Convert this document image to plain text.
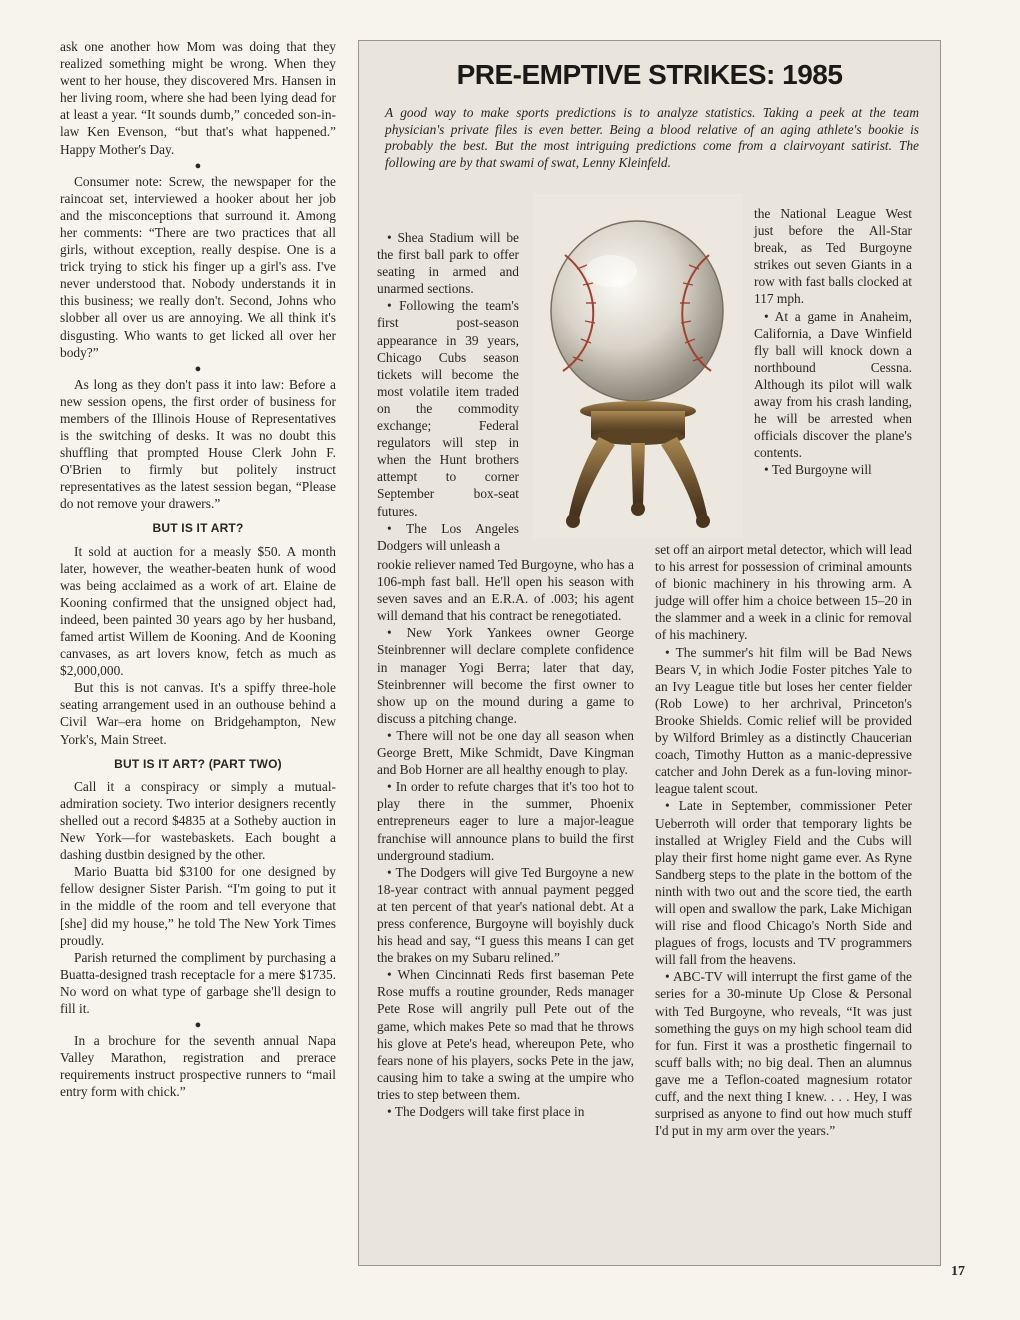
ask one another how Mom was doing that they realized something might be wrong. When they went to her house, they discovered Mrs. Hansen in her living room, where she had been lying dead for at least a year. “It sounds dumb,” conceded son-in-law Ken Evenson, “but that's what happened.” Happy Mother's Day.

●

Consumer note: Screw, the newspaper for the raincoat set, interviewed a hooker about her job and the misconceptions that surround it. Among her comments: “There are two practices that all girls, without exception, really despise. One is a trick trying to stick his finger up a girl's ass. I've never understood that. Nobody understands it in this business; we really don't. Second, Johns who slobber all over us are annoying. We all think it's disgusting. Who wants to get licked all over her body?”

●

As long as they don't pass it into law: Before a new session opens, the first order of business for members of the Illinois House of Representatives is the switching of desks. It was no doubt this shuffling that prompted House Clerk John F. O'Brien to firmly but politely instruct representatives as the latest session began, “Please do not remove your drawers.”

BUT IS IT ART?

It sold at auction for a measly $50. A month later, however, the weather-beaten hunk of wood was being acclaimed as a work of art. Elaine de Kooning confirmed that the unsigned object had, indeed, been painted 30 years ago by her husband, famed artist Willem de Kooning. And de Kooning canvases, as art lovers know, fetch as much as $2,000,000.

But this is not canvas. It's a spiffy three-hole seating arrangement used in an outhouse behind a Civil War–era home on Bridgehampton, New York's, Main Street.

BUT IS IT ART? (PART TWO)

Call it a conspiracy or simply a mutual-admiration society. Two interior designers recently shelled out a record $4835 at a Sotheby auction in New York—for wastebaskets. Each bought a dashing dustbin designed by the other.

Mario Buatta bid $3100 for one designed by fellow designer Sister Parish. “I'm going to put it in the middle of the room and tell everyone that [she] did my house,” he told The New York Times proudly.

Parish returned the compliment by purchasing a Buatta-designed trash receptacle for a mere $1735. No word on what type of garbage she'll design to fill it.

●

In a brochure for the seventh annual Napa Valley Marathon, registration and prerace requirements instruct prospective runners to “mail entry form with chick.”

PRE-EMPTIVE STRIKES: 1985
A good way to make sports predictions is to analyze statistics. Taking a peek at the team physician's private files is even better. Being a blood relative of an aging athlete's bookie is probably the best. But the most intriguing predictions come from a clairvoyant satirist. The following are by that swami of swat, Lenny Kleinfeld.

• Shea Stadium will be the first ball park to offer seating in armed and unarmed sections.

• Following the team's first post-season appearance in 39 years, Chicago Cubs season tickets will become the most volatile item traded on the commodity exchange; Federal regulators will step in when the Hunt brothers attempt to corner September box-seat futures.

• The Los Angeles Dodgers will unleash a

the National League West just before the All-Star break, as Ted Burgoyne strikes out seven Giants in a row with fast balls clocked at 117 mph.

• At a game in Anaheim, California, a Dave Winfield fly ball will knock down a northbound Cessna. Although its pilot will walk away from his crash landing, he will be arrested when officials discover the plane's contents.

• Ted Burgoyne will

rookie reliever named Ted Burgoyne, who has a 106-mph fast ball. He'll open his season with seven saves and an E.R.A. of .003; his agent will demand that his contract be renegotiated.

• New York Yankees owner George Steinbrenner will declare complete confidence in manager Yogi Berra; later that day, Steinbrenner will become the first owner to show up on the mound during a game to discuss a pitching change.

• There will not be one day all season when George Brett, Mike Schmidt, Dave Kingman and Bob Horner are all healthy enough to play.

• In order to refute charges that it's too hot to play there in the summer, Phoenix entrepreneurs eager to lure a major-league franchise will announce plans to build the first underground stadium.

• The Dodgers will give Ted Burgoyne a new 18-year contract with annual payment pegged at ten percent of that year's national debt. At a press conference, Burgoyne will boyishly duck his head and say, “I guess this means I can get the brakes on my Subaru relined.”

• When Cincinnati Reds first baseman Pete Rose muffs a routine grounder, Reds manager Pete Rose will angrily pull Pete out of the game, which makes Pete so mad that he throws his glove at Pete's head, whereupon Pete, who fears none of his players, socks Pete in the jaw, causing him to take a swing at the umpire who tries to step between them.

• The Dodgers will take first place in

set off an airport metal detector, which will lead to his arrest for possession of criminal amounts of bionic machinery in his throwing arm. A judge will offer him a choice between 15–20 in the slammer and a week in a clinic for removal of his machinery.

• The summer's hit film will be Bad News Bears V, in which Jodie Foster pitches Yale to an Ivy League title but loses her center fielder (Rob Lowe) to her archrival, Princeton's Brooke Shields. Comic relief will be provided by Wilford Brimley as a distinctly Chaucerian coach, Timothy Hutton as a manic-depressive catcher and John Derek as a fun-loving minor-league talent scout.

• Late in September, commissioner Peter Ueberroth will order that temporary lights be installed at Wrigley Field and the Cubs will play their first home night game ever. As Ryne Sandberg steps to the plate in the bottom of the ninth with two out and the score tied, the earth will open and swallow the park, Lake Michigan will rise and flood Chicago's North Side and plagues of frogs, locusts and TV programmers will fall from the heavens.

• ABC-TV will interrupt the first game of the series for a 30-minute Up Close & Personal with Ted Burgoyne, who reveals, “It was just something the guys on my high school team did for fun. First it was a prosthetic fingernail to scuff balls with; no big deal. Then an alumnus gave me a Teflon-coated magnesium rotator cuff, and the next thing I knew. . . . Hey, I was surprised as anyone to find out how much stuff I'd put in my arm over the years.”

17
